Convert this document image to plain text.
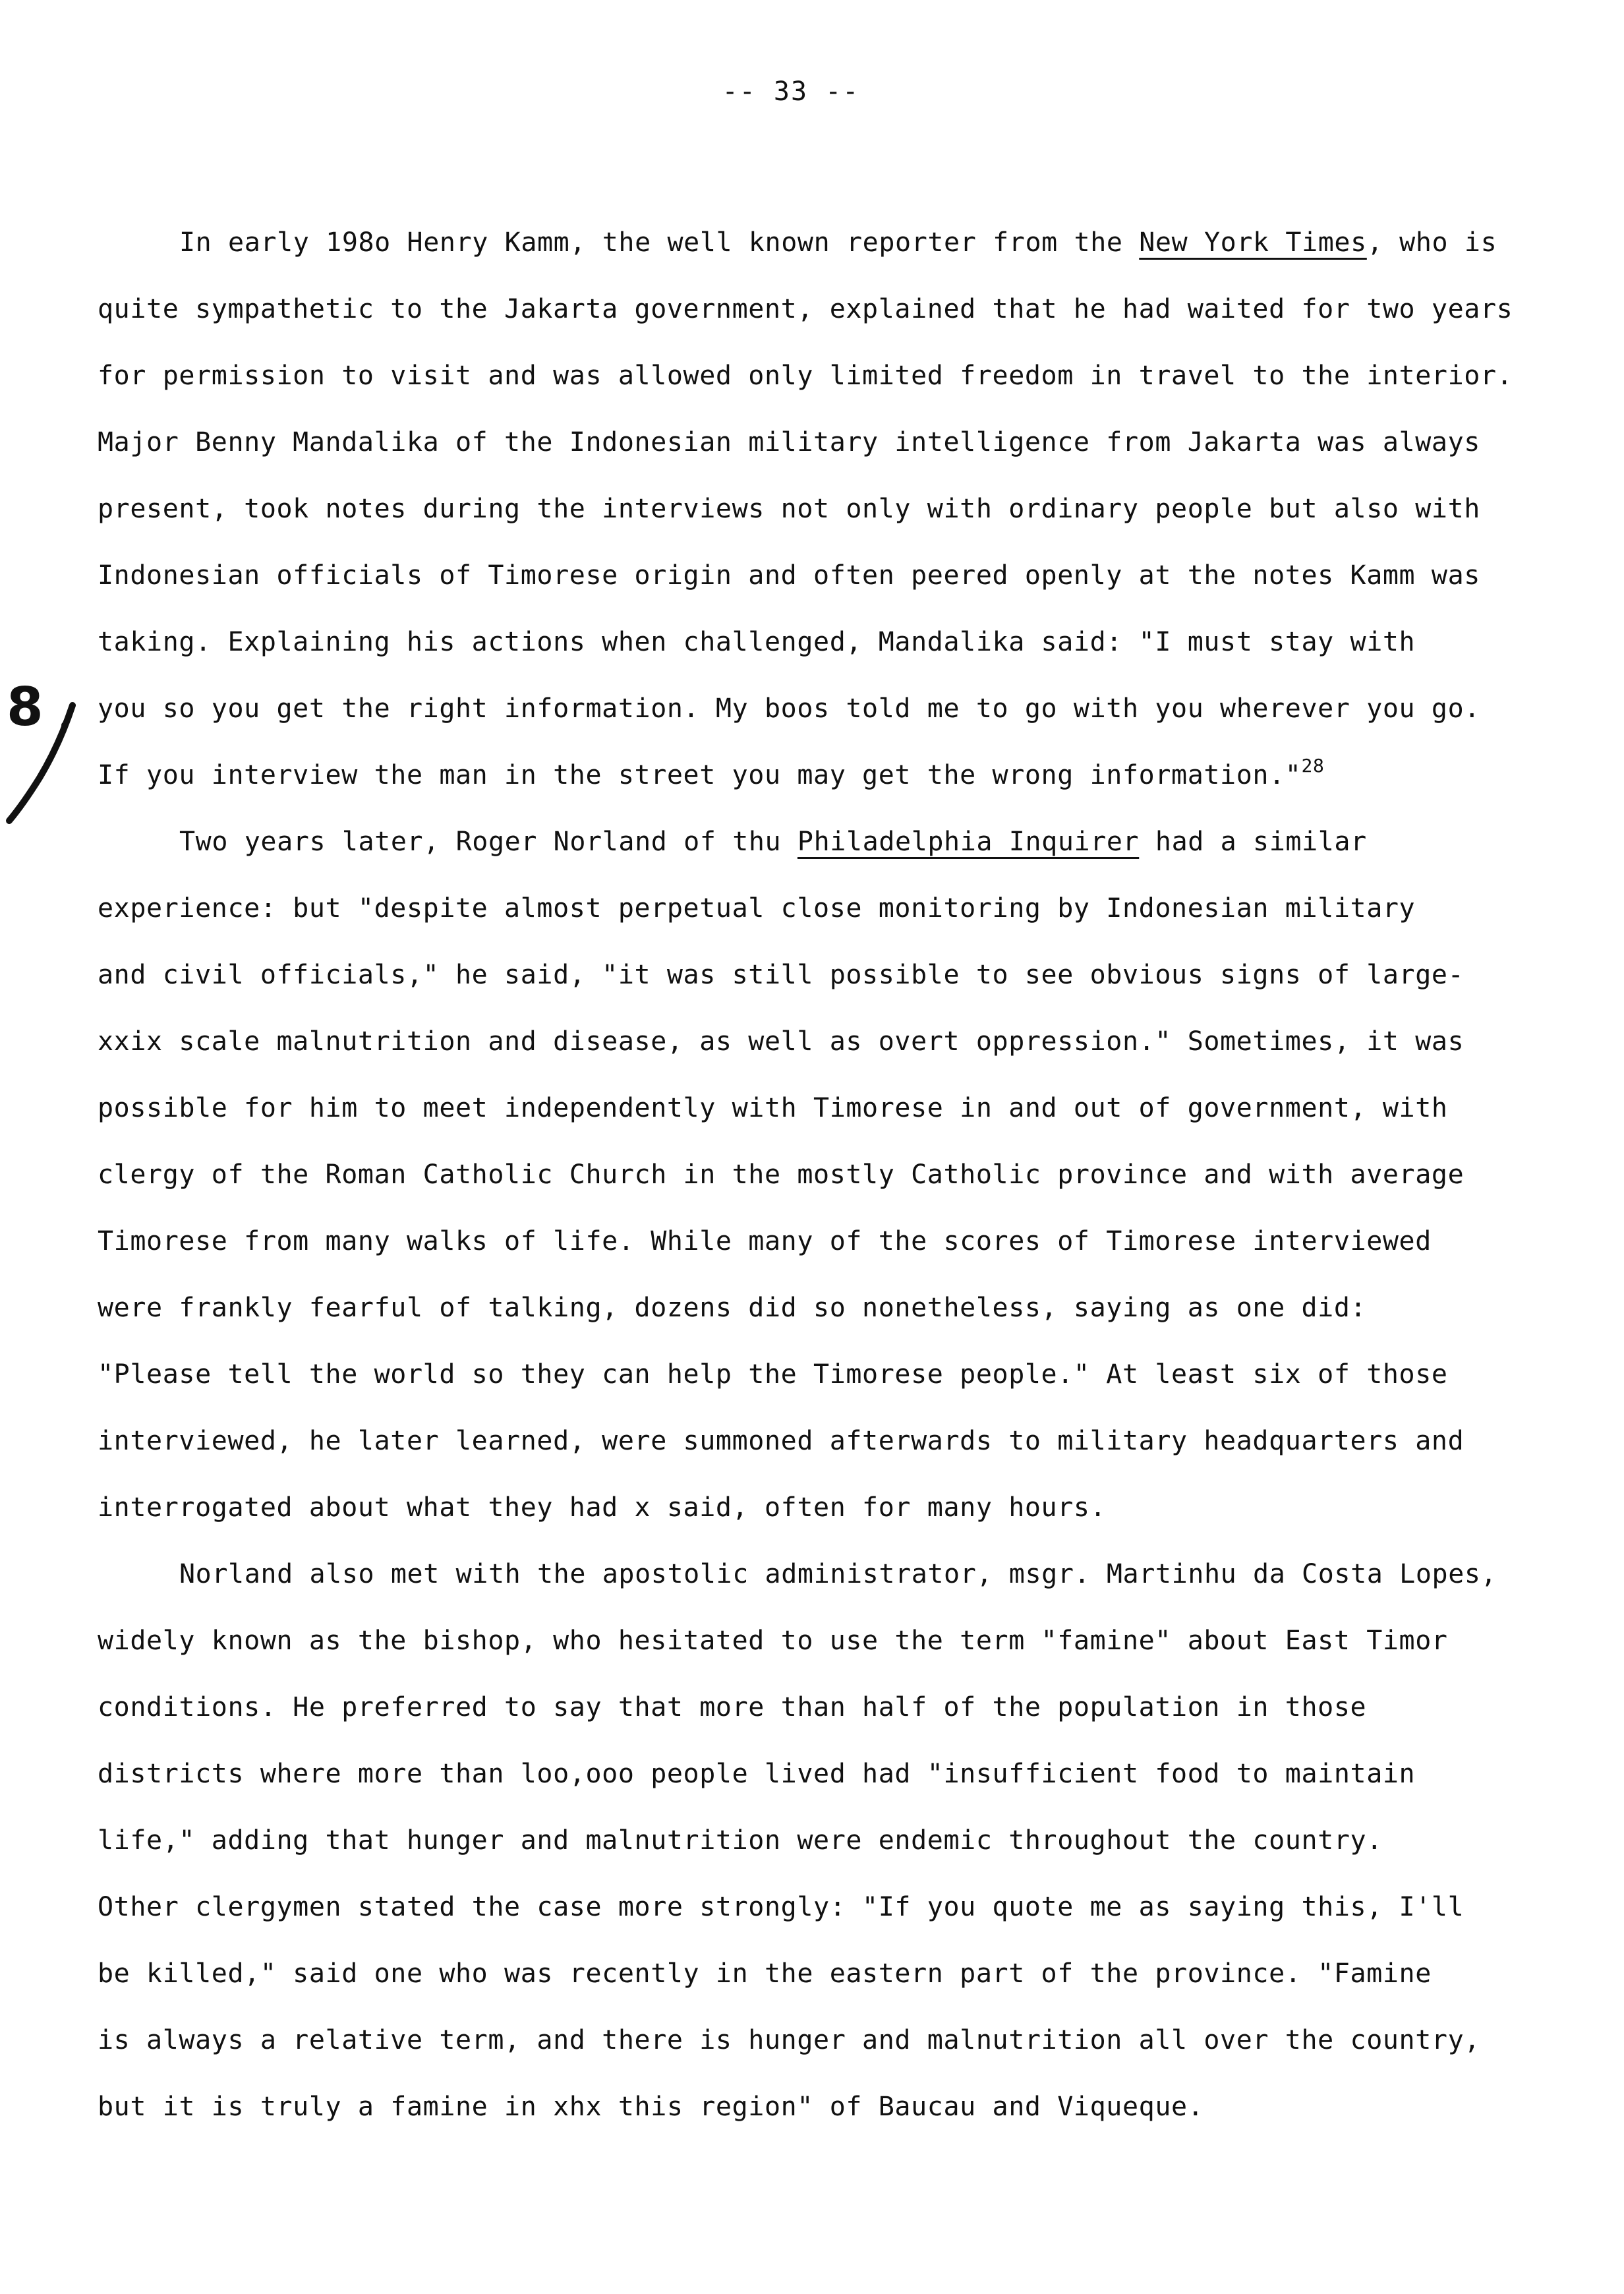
-- 33 --
8
In early 198o Henry Kamm, the well known reporter from the New York Times, who is
quite sympathetic to the Jakarta government, explained that he had waited for two years
for permission to visit and was allowed only limited freedom in travel to the interior.
Major Benny Mandalika of the Indonesian military intelligence from Jakarta was always
present, took notes during the interviews not only with ordinary people but also with
Indonesian officials of Timorese origin and often peered openly at the notes Kamm was
taking. Explaining his actions when challenged, Mandalika said: "I must stay with
you so you get the right information. My boos told me to go with you wherever you go.
If you interview the man in the street you may get the wrong information."$^{28}$
Two years later, Roger Norland of thu Philadelphia Inquirer had a similar
experience: but "despite almost perpetual close monitoring by Indonesian military
and civil officials," he said, "it was still possible to see obvious signs of large-
xxix scale malnutrition and disease, as well as overt oppression." Sometimes, it was
possible for him to meet independently with Timorese in and out of government, with
clergy of the Roman Catholic Church in the mostly Catholic province and with average
Timorese from many walks of life. While many of the scores of Timorese interviewed
were frankly fearful of talking, dozens did so nonetheless, saying as one did:
"Please tell the world so they can help the Timorese people." At least six of those
interviewed, he later learned, were summoned afterwards to military headquarters and
interrogated about what they had x said, often for many hours.
Norland also met with the apostolic administrator, msgr. Martinhu da Costa Lopes,
widely known as the bishop, who hesitated to use the term "famine" about East Timor
conditions. He preferred to say that more than half of the population in those
districts where more than loo,ooo people lived had "insufficient food to maintain
life," adding that hunger and malnutrition were endemic throughout the country.
Other clergymen stated the case more strongly: "If you quote me as saying this, I'll
be killed," said one who was recently in the eastern part of the province. "Famine
is always a relative term, and there is hunger and malnutrition all over the country,
but it is truly a famine in xhx this region" of Baucau and Viqueque.
